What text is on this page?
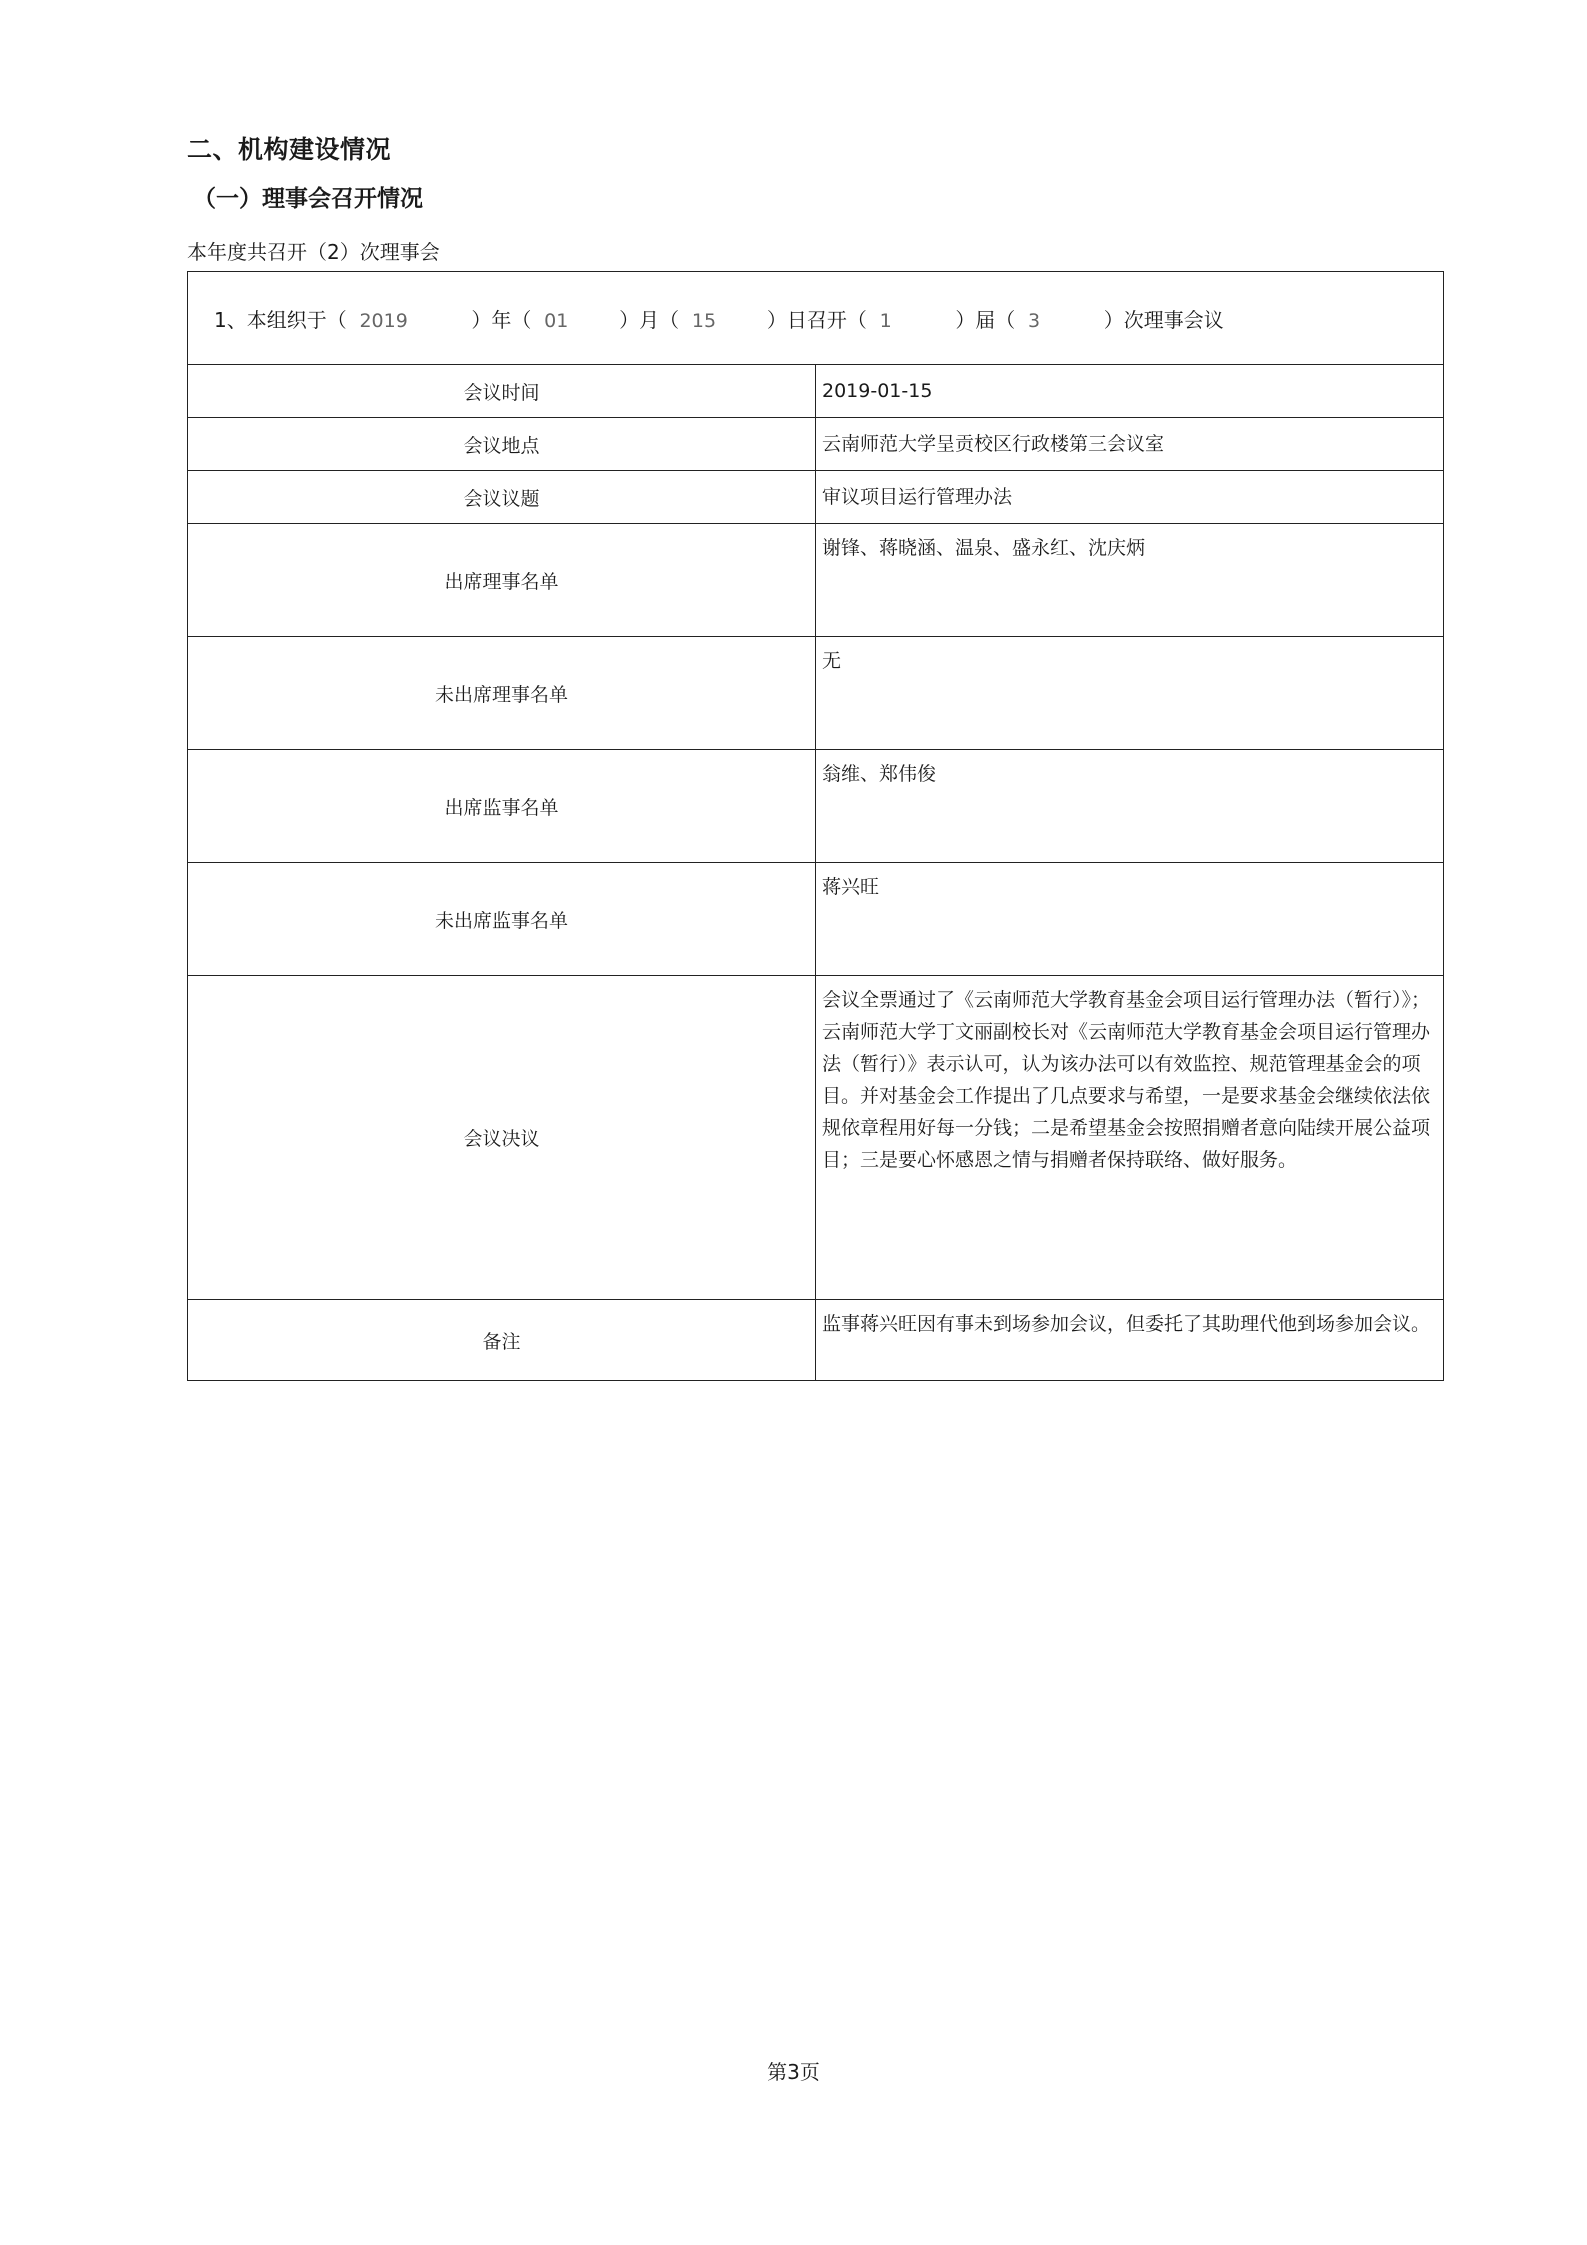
二、机构建设情况
（一）理事会召开情况
本年度共召开（2）次理事会
1、本组织于（ 2019 ）年（ 01 ）月（ 15 ）日召开（ 1 ）届（ 3 ）次理事会议	
会议时间	2019-01-15
会议地点	云南师范大学呈贡校区行政楼第三会议室
会议议题	审议项目运行管理办法
出席理事名单	谢锋、蒋晓涵、温泉、盛永红、沈庆炳
未出席理事名单	无
出席监事名单	翁维、郑伟俊
未出席监事名单	蒋兴旺
会议决议	会议全票通过了《云南师范大学教育基金会项目运行管理办法（暂行）》；云南师范大学丁文丽副校长对《云南师范大学教育基金会项目运行管理办法（暂行）》表示认可，认为该办法可以有效监控、规范管理基金会的项目。并对基金会工作提出了几点要求与希望，一是要求基金会继续依法依规依章程用好每一分钱；二是希望基金会按照捐赠者意向陆续开展公益项目；三是要心怀感恩之情与捐赠者保持联络、做好服务。
备注	监事蒋兴旺因有事未到场参加会议，但委托了其助理代他到场参加会议。
第3页
